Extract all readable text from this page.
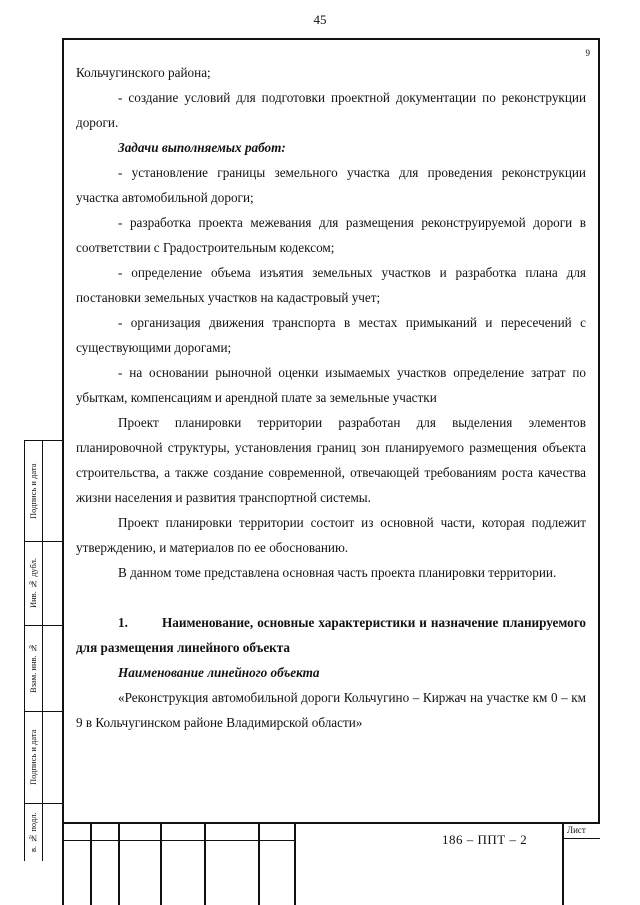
45
9

Кольчугинского района;

- создание условий для подготовки проектной документации по реконструкции дороги.

Задачи выполняемых работ:

- установление границы земельного участка для проведения реконструкции участка автомобильной дороги;

- разработка проекта межевания для размещения реконструируемой дороги в соответствии с Градостроительным кодексом;

- определение объема изъятия земельных участков и разработка плана для постановки земельных участков на кадастровый учет;

- организация движения транспорта в местах примыканий и пересечений с существующими дорогами;

- на основании рыночной оценки изымаемых участков определение затрат по убыткам, компенсациям и арендной плате за земельные участки

Проект планировки территории разработан для выделения элементов планировочной структуры, установления границ зон планируемого размещения объекта строительства, а также создание современной, отвечающей требованиям роста качества жизни населения и развития транспортной системы.

Проект планировки территории состоит из основной части, которая подлежит утверждению, и материалов по ее обоснованию.

В данном томе представлена основная часть проекта планировки территории.

1.	Наименование, основные характеристики и назначение планируемого для размещения линейного объекта

Наименование линейного объекта

«Реконструкция автомобильной дороги Кольчугино – Киржач на участке км 0 – км 9 в Кольчугинском районе Владимирской области»

Подпись и дата
Инв. № дубл.
Взам. инв. №
Подпись и дата
в. № подл.	186 – ППТ – 2
Лист
